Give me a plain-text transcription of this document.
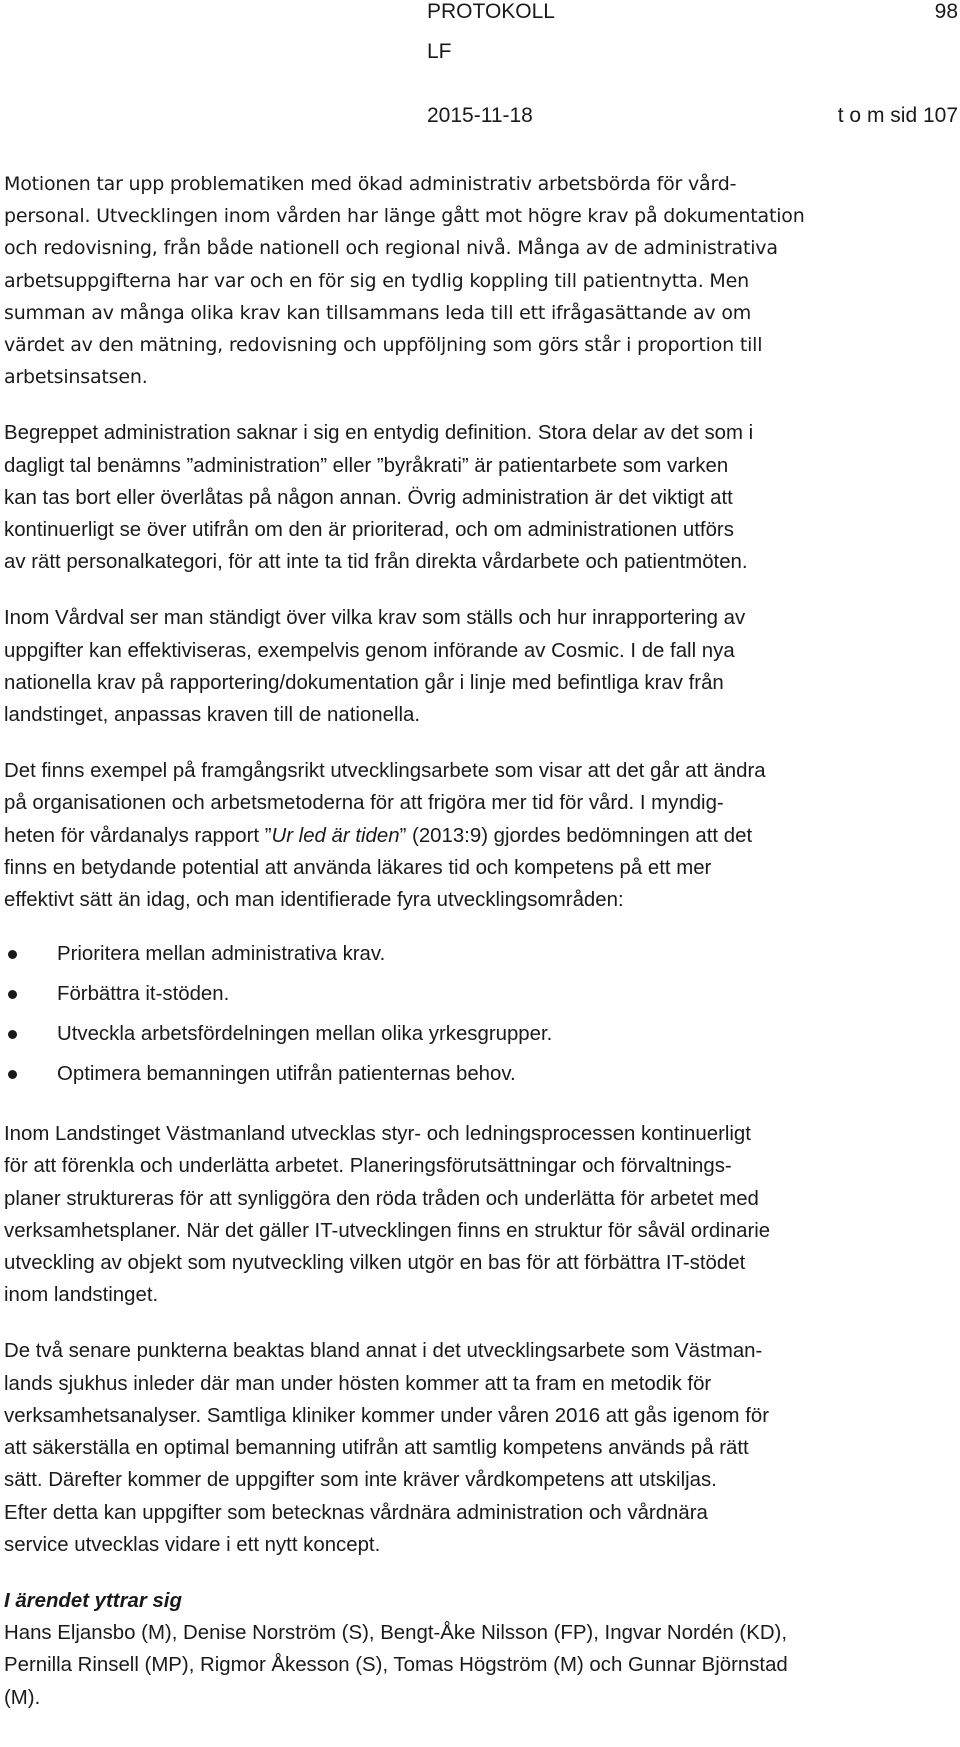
PROTOKOLL	98
LF
2015-11-18	t o m sid 107
Motionen tar upp problematiken med ökad administrativ arbetsbörda för vård-
personal. Utvecklingen inom vården har länge gått mot högre krav på dokumentation
och redovisning, från både nationell och regional nivå. Många av de administrativa
arbetsuppgifterna har var och en för sig en tydlig koppling till patientnytta. Men
summan av många olika krav kan tillsammans leda till ett ifrågasättande av om
värdet av den mätning, redovisning och uppföljning som görs står i proportion till
arbetsinsatsen.
Begreppet administration saknar i sig en entydig definition. Stora delar av det som i
dagligt tal benämns ”administration” eller ”byråkrati” är patientarbete som varken
kan tas bort eller överlåtas på någon annan. Övrig administration är det viktigt att
kontinuerligt se över utifrån om den är prioriterad, och om administrationen utförs
av rätt personalkategori, för att inte ta tid från direkta vårdarbete och patientmöten.
Inom Vårdval ser man ständigt över vilka krav som ställs och hur inrapportering av
uppgifter kan effektiviseras, exempelvis genom införande av Cosmic. I de fall nya
nationella krav på rapportering/dokumentation går i linje med befintliga krav från
landstinget, anpassas kraven till de nationella.
Det finns exempel på framgångsrikt utvecklingsarbete som visar att det går att ändra
på organisationen och arbetsmetoderna för att frigöra mer tid för vård. I myndig-
heten för vårdanalys rapport ”Ur led är tiden” (2013:9) gjordes bedömningen att det
finns en betydande potential att använda läkares tid och kompetens på ett mer
effektivt sätt än idag, och man identifierade fyra utvecklingsområden:
Prioritera mellan administrativa krav.
Förbättra it-stöden.
Utveckla arbetsfördelningen mellan olika yrkesgrupper.
Optimera bemanningen utifrån patienternas behov.
Inom Landstinget Västmanland utvecklas styr- och ledningsprocessen kontinuerligt
för att förenkla och underlätta arbetet. Planeringsförutsättningar och förvaltnings-
planer struktureras för att synliggöra den röda tråden och underlätta för arbetet med
verksamhetsplaner. När det gäller IT-utvecklingen finns en struktur för såväl ordinarie
utveckling av objekt som nyutveckling vilken utgör en bas för att förbättra IT-stödet
inom landstinget.
De två senare punkterna beaktas bland annat i det utvecklingsarbete som Västman-
lands sjukhus inleder där man under hösten kommer att ta fram en metodik för
verksamhetsanalyser. Samtliga kliniker kommer under våren 2016 att gås igenom för
att säkerställa en optimal bemanning utifrån att samtlig kompetens används på rätt
sätt. Därefter kommer de uppgifter som inte kräver vårdkompetens att utskiljas.
Efter detta kan uppgifter som betecknas vårdnära administration och vårdnära
service utvecklas vidare i ett nytt koncept.

I ärendet yttrar sig

Hans Eljansbo (M), Denise Norström (S), Bengt-Åke Nilsson (FP), Ingvar Nordén (KD),
Pernilla Rinsell (MP), Rigmor Åkesson (S), Tomas Högström (M) och Gunnar Björnstad
(M).
